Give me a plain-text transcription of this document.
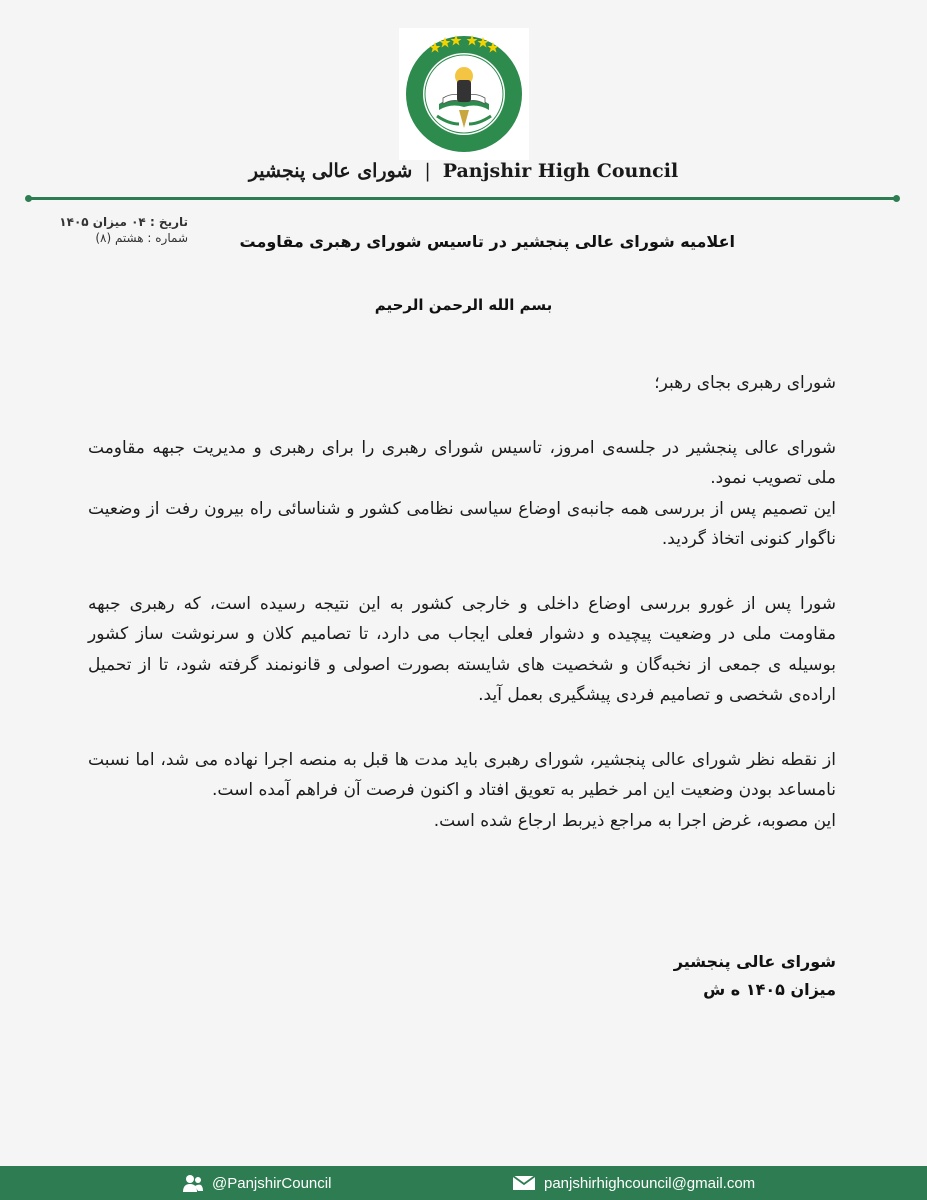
شورای عالی پنجشیر | Panjshir High Council
تاریخ : ۰۴ میزان ۱۴۰۵
شماره : هشتم (۸)	اعلامیه شورای عالی پنجشیر در تاسیس شورای رهبری مقاومت
بسم الله الرحمن الرحیم

شورای رهبری بجای رهبر؛

شورای عالی پنجشیر در جلسه‌ی امروز، تاسیس شورای رهبری را برای رهبری و مدیریت جبهه مقاومت ملی تصویب نمود.

این تصمیم پس از بررسی همه جانبه‌ی اوضاع سیاسی نظامی کشور و شناسائی راه بیرون رفت از وضعیت ناگوار کنونی اتخاذ گردید.

شورا پس از غورو بررسی اوضاع داخلی و خارجی کشور به این نتیجه رسیده است، که رهبری جبهه مقاومت ملی در وضعیت پیچیده و دشوار فعلی ایجاب می دارد، تا تصامیم کلان و سرنوشت ساز کشور بوسیله ی جمعی از نخبه‌گان و شخصیت های شایسته بصورت اصولی و قانونمند گرفته شود، تا از تحمیل اراده‌ی شخصی و تصامیم فردی پیشگیری بعمل آید.

از نقطه نظر شورای عالی پنجشیر، شورای رهبری باید مدت ها قبل به منصه اجرا نهاده می شد، اما نسبت نامساعد بودن وضعیت این امر خطیر به تعویق افتاد و اکنون فرصت آن فراهم آمده است.

این مصوبه، غرض اجرا به مراجع ذیربط ارجاع شده است.

شورای عالی پنجشیر
میزان ۱۴۰۵ ه ش
@PanjshirCouncil	panjshirhighcouncil@gmail.com
